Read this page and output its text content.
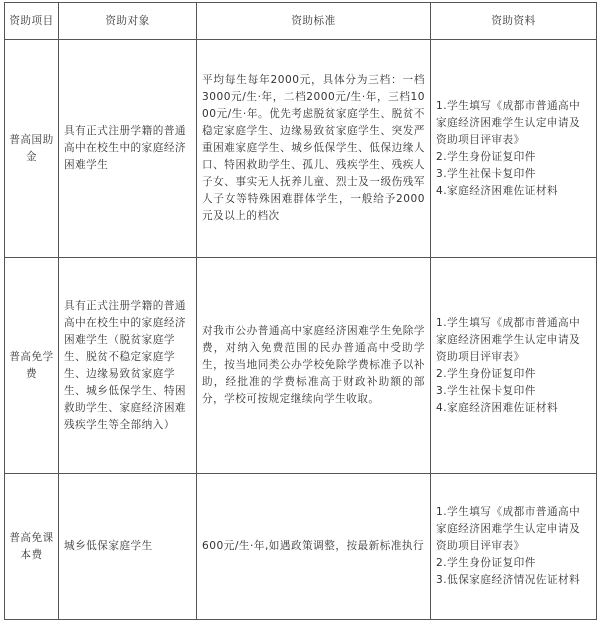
资助项目	资助对象	资助标准	资助资料
普高国助金	具有正式注册学籍的普通高中在校生中的家庭经济困难学生	平均每生每年2000元，具体分为三档：一档3000元/生·年，二档2000元/生·年，三档1000元/生·年。优先考虑脱贫家庭学生、脱贫不稳定家庭学生、边缘易致贫家庭学生、突发严重困难家庭学生、城乡低保学生、低保边缘人口、特困救助学生、孤儿、残疾学生、残疾人子女、事实无人抚养儿童、烈士及一级伤残军人子女等特殊困难群体学生，一般给予2000元及以上的档次	1.学生填写《成都市普通高中家庭经济困难学生认定申请及资助项目评审表》
2.学生身份证复印件
3.学生社保卡复印件
4.家庭经济困难佐证材料

普高免学费	具有正式注册学籍的普通高中在校生中的家庭经济困难学生（脱贫家庭学生、脱贫不稳定家庭学生、边缘易致贫家庭学生、城乡低保学生、特困救助学生、家庭经济困难残疾学生等全部纳入）	对我市公办普通高中家庭经济困难学生免除学费，对纳入免费范围的民办普通高中受助学生，按当地同类公办学校免除学费标准予以补助，经批准的学费标准高于财政补助额的部分，学校可按规定继续向学生收取。	1.学生填写《成都市普通高中家庭经济困难学生认定申请及资助项目评审表》
2.学生身份证复印件
3.学生社保卡复印件
4.家庭经济困难佐证材料

普高免课本费	城乡低保家庭学生	600元/生·年,如遇政策调整，按最新标准执行	1.学生填写《成都市普通高中家庭经济困难学生认定申请及资助项目评审表》
2.学生身份证复印件
3.低保家庭经济情况佐证材料
